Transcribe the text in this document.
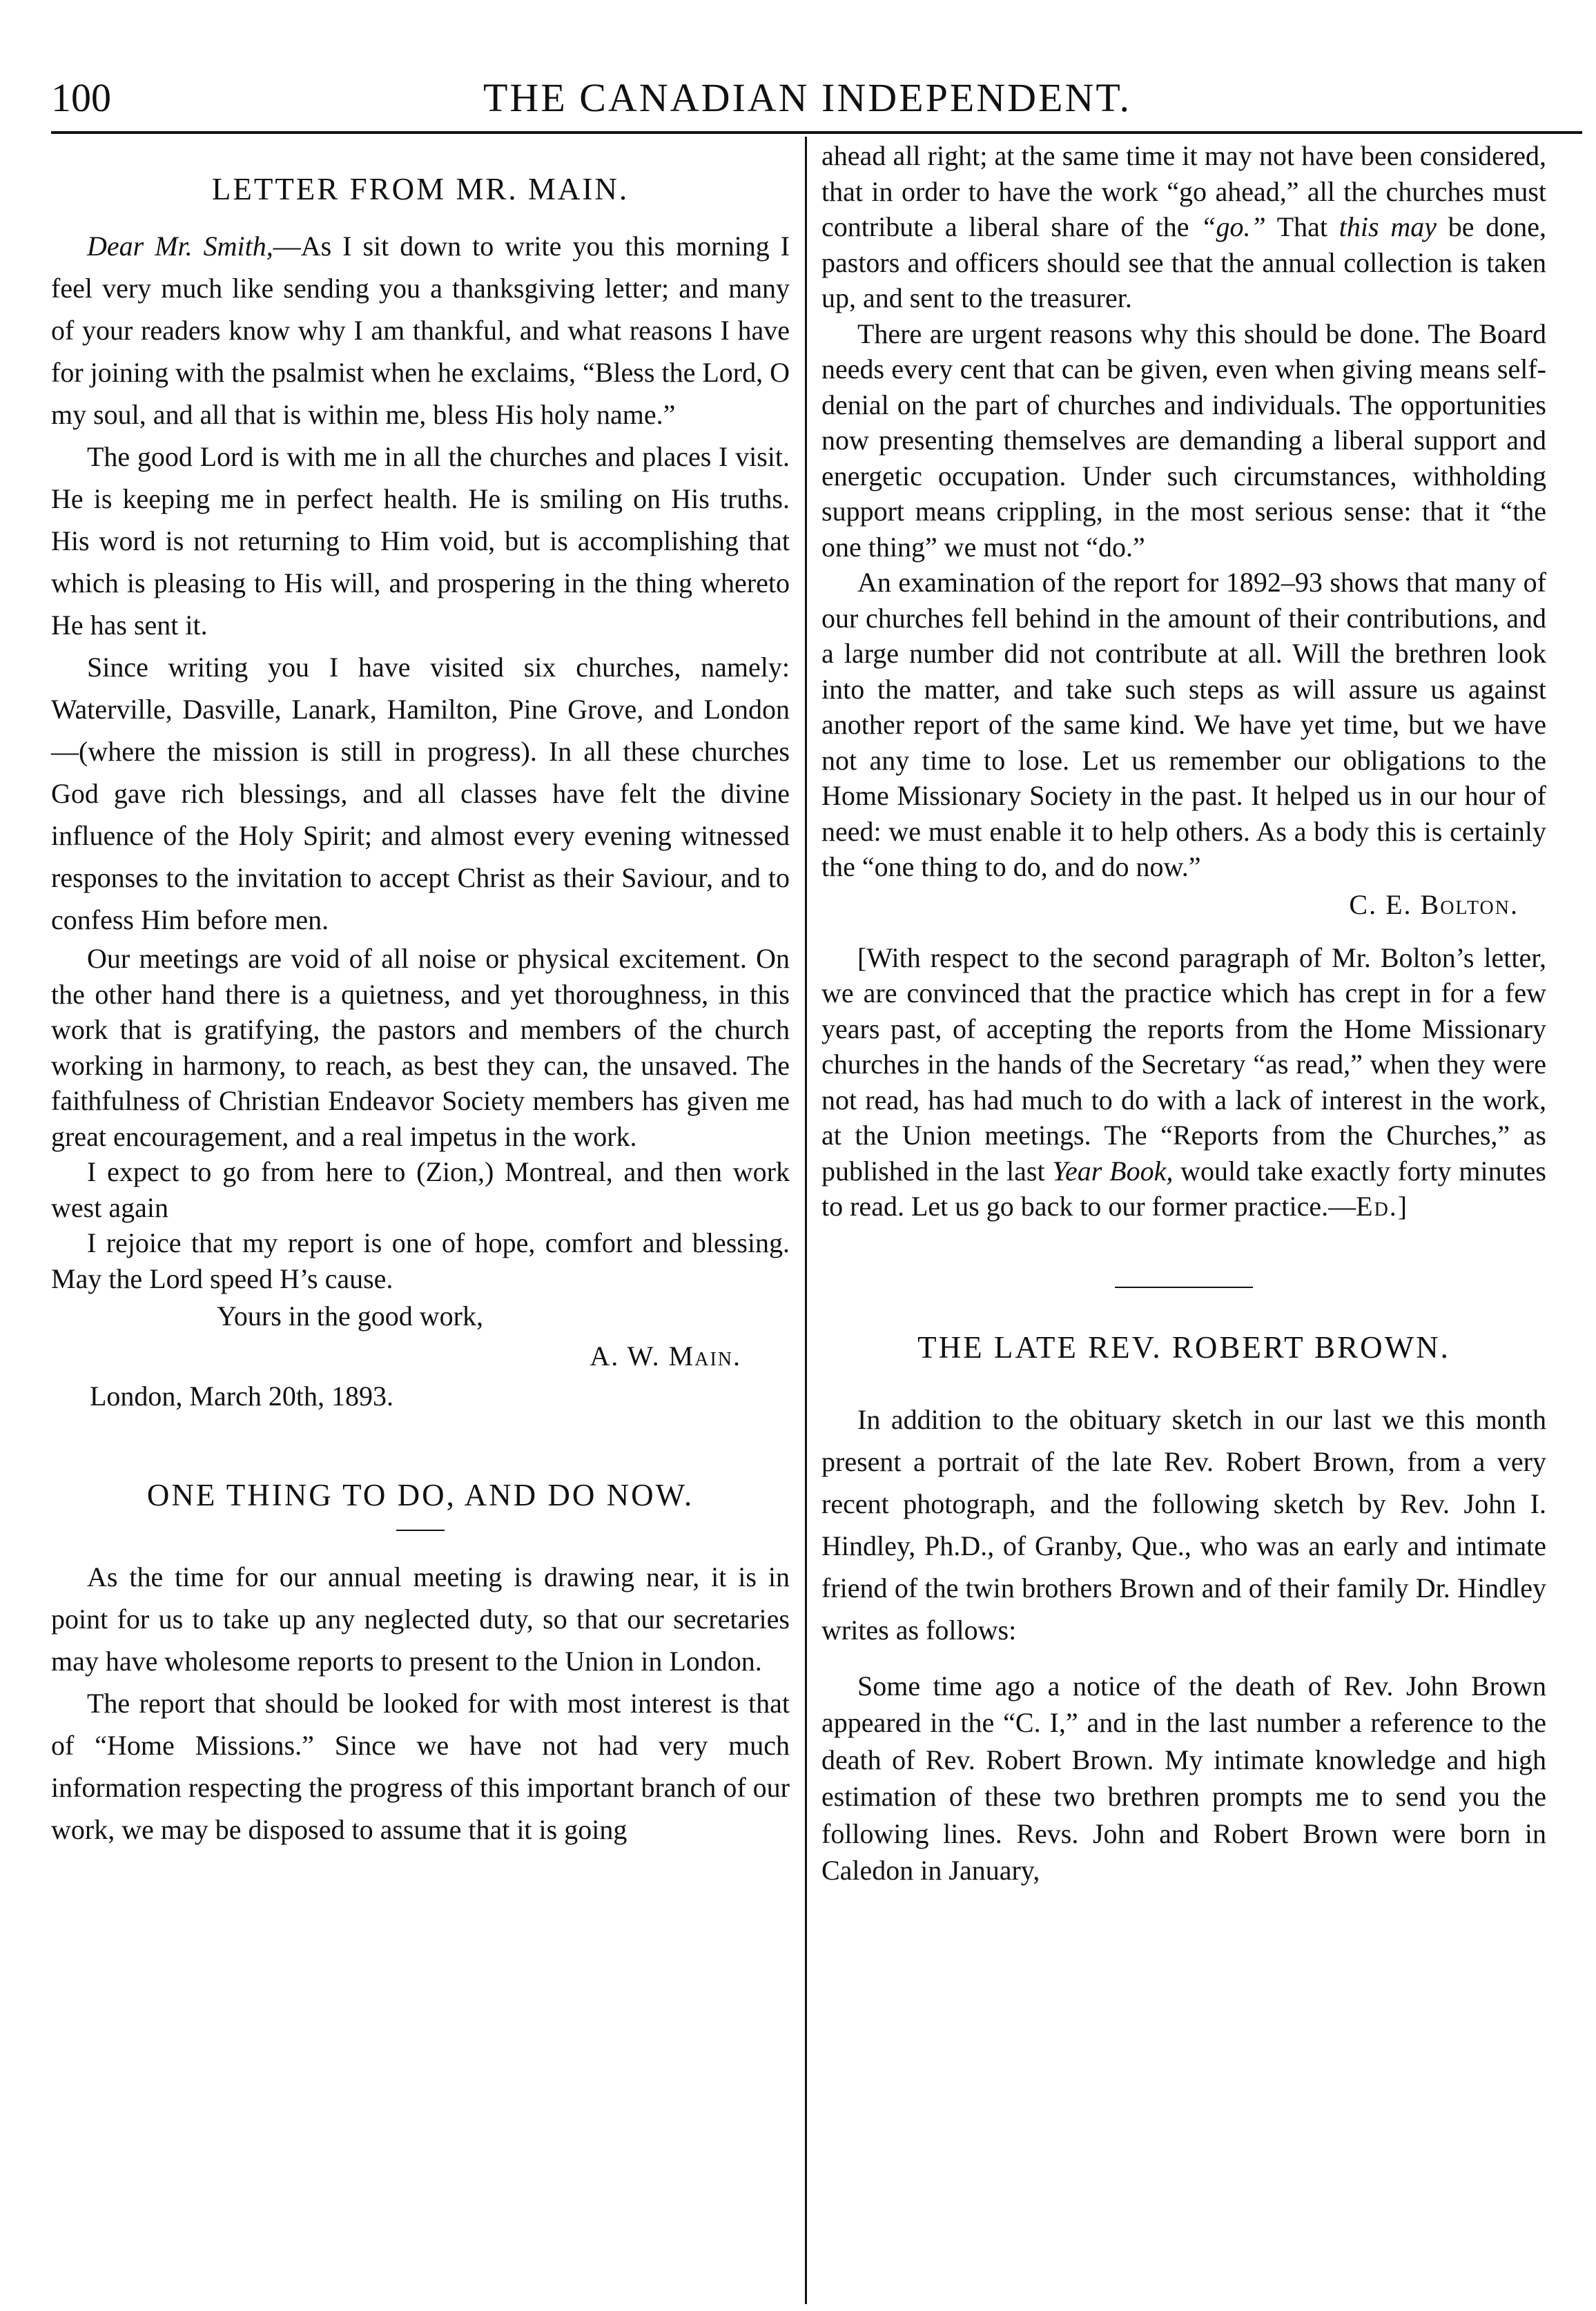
100	THE CANADIAN INDEPENDENT.
LETTER FROM MR. MAIN.

Dear Mr. Smith,—As I sit down to write you this morning I feel very much like sending you a thanksgiving letter; and many of your readers know why I am thankful, and what reasons I have for joining with the psalmist when he exclaims, “Bless the Lord, O my soul, and all that is within me, bless His holy name.”

The good Lord is with me in all the churches and places I visit. He is keeping me in perfect health. He is smiling on His truths. His word is not returning to Him void, but is accomplishing that which is pleasing to His will, and prospering in the thing whereto He has sent it.

Since writing you I have visited six churches, namely: Waterville, Dasville, Lanark, Hamilton, Pine Grove, and London—(where the mission is still in progress). In all these churches God gave rich blessings, and all classes have felt the divine influence of the Holy Spirit; and almost every evening witnessed responses to the invitation to accept Christ as their Saviour, and to confess Him before men.

Our meetings are void of all noise or physical excitement. On the other hand there is a quietness, and yet thoroughness, in this work that is gratifying, the pastors and members of the church working in harmony, to reach, as best they can, the unsaved. The faithfulness of Christian Endeavor Society members has given me great encouragement, and a real impetus in the work.

I expect to go from here to (Zion,) Montreal, and then work west again

I rejoice that my report is one of hope, comfort and blessing. May the Lord speed H’s cause.

Yours in the good work,

A. W. Main.

London, March 20th, 1893.

ONE THING TO DO, AND DO NOW.

As the time for our annual meeting is drawing near, it is in point for us to take up any neglected duty, so that our secretaries may have wholesome reports to present to the Union in London.

The report that should be looked for with most interest is that of “Home Missions.” Since we have not had very much information respecting the progress of this important branch of our work, we may be disposed to assume that it is going

ahead all right; at the same time it may not have been considered, that in order to have the work “go ahead,” all the churches must contribute a liberal share of the “go.” That this may be done, pastors and officers should see that the annual collection is taken up, and sent to the treasurer.

There are urgent reasons why this should be done. The Board needs every cent that can be given, even when giving means self-denial on the part of churches and individuals. The opportunities now presenting themselves are demanding a liberal support and energetic occupation. Under such circumstances, withholding support means crippling, in the most serious sense: that it “the one thing” we must not “do.”

An examination of the report for 1892–93 shows that many of our churches fell behind in the amount of their contributions, and a large number did not contribute at all. Will the brethren look into the matter, and take such steps as will assure us against another report of the same kind. We have yet time, but we have not any time to lose. Let us remember our obligations to the Home Missionary Society in the past. It helped us in our hour of need: we must enable it to help others. As a body this is certainly the “one thing to do, and do now.”

C. E. Bolton.

[With respect to the second paragraph of Mr. Bolton’s letter, we are convinced that the practice which has crept in for a few years past, of accepting the reports from the Home Missionary churches in the hands of the Secretary “as read,” when they were not read, has had much to do with a lack of interest in the work, at the Union meetings. The “Reports from the Churches,” as published in the last Year Book, would take exactly forty minutes to read. Let us go back to our former practice.—Ed.]

THE LATE REV. ROBERT BROWN.

In addition to the obituary sketch in our last we this month present a portrait of the late Rev. Robert Brown, from a very recent photograph, and the following sketch by Rev. John I. Hindley, Ph.D., of Granby, Que., who was an early and intimate friend of the twin brothers Brown and of their family Dr. Hindley writes as follows:

Some time ago a notice of the death of Rev. John Brown appeared in the “C. I,” and in the last number a reference to the death of Rev. Robert Brown. My intimate knowledge and high estimation of these two brethren prompts me to send you the following lines. Revs. John and Robert Brown were born in Caledon in January,
